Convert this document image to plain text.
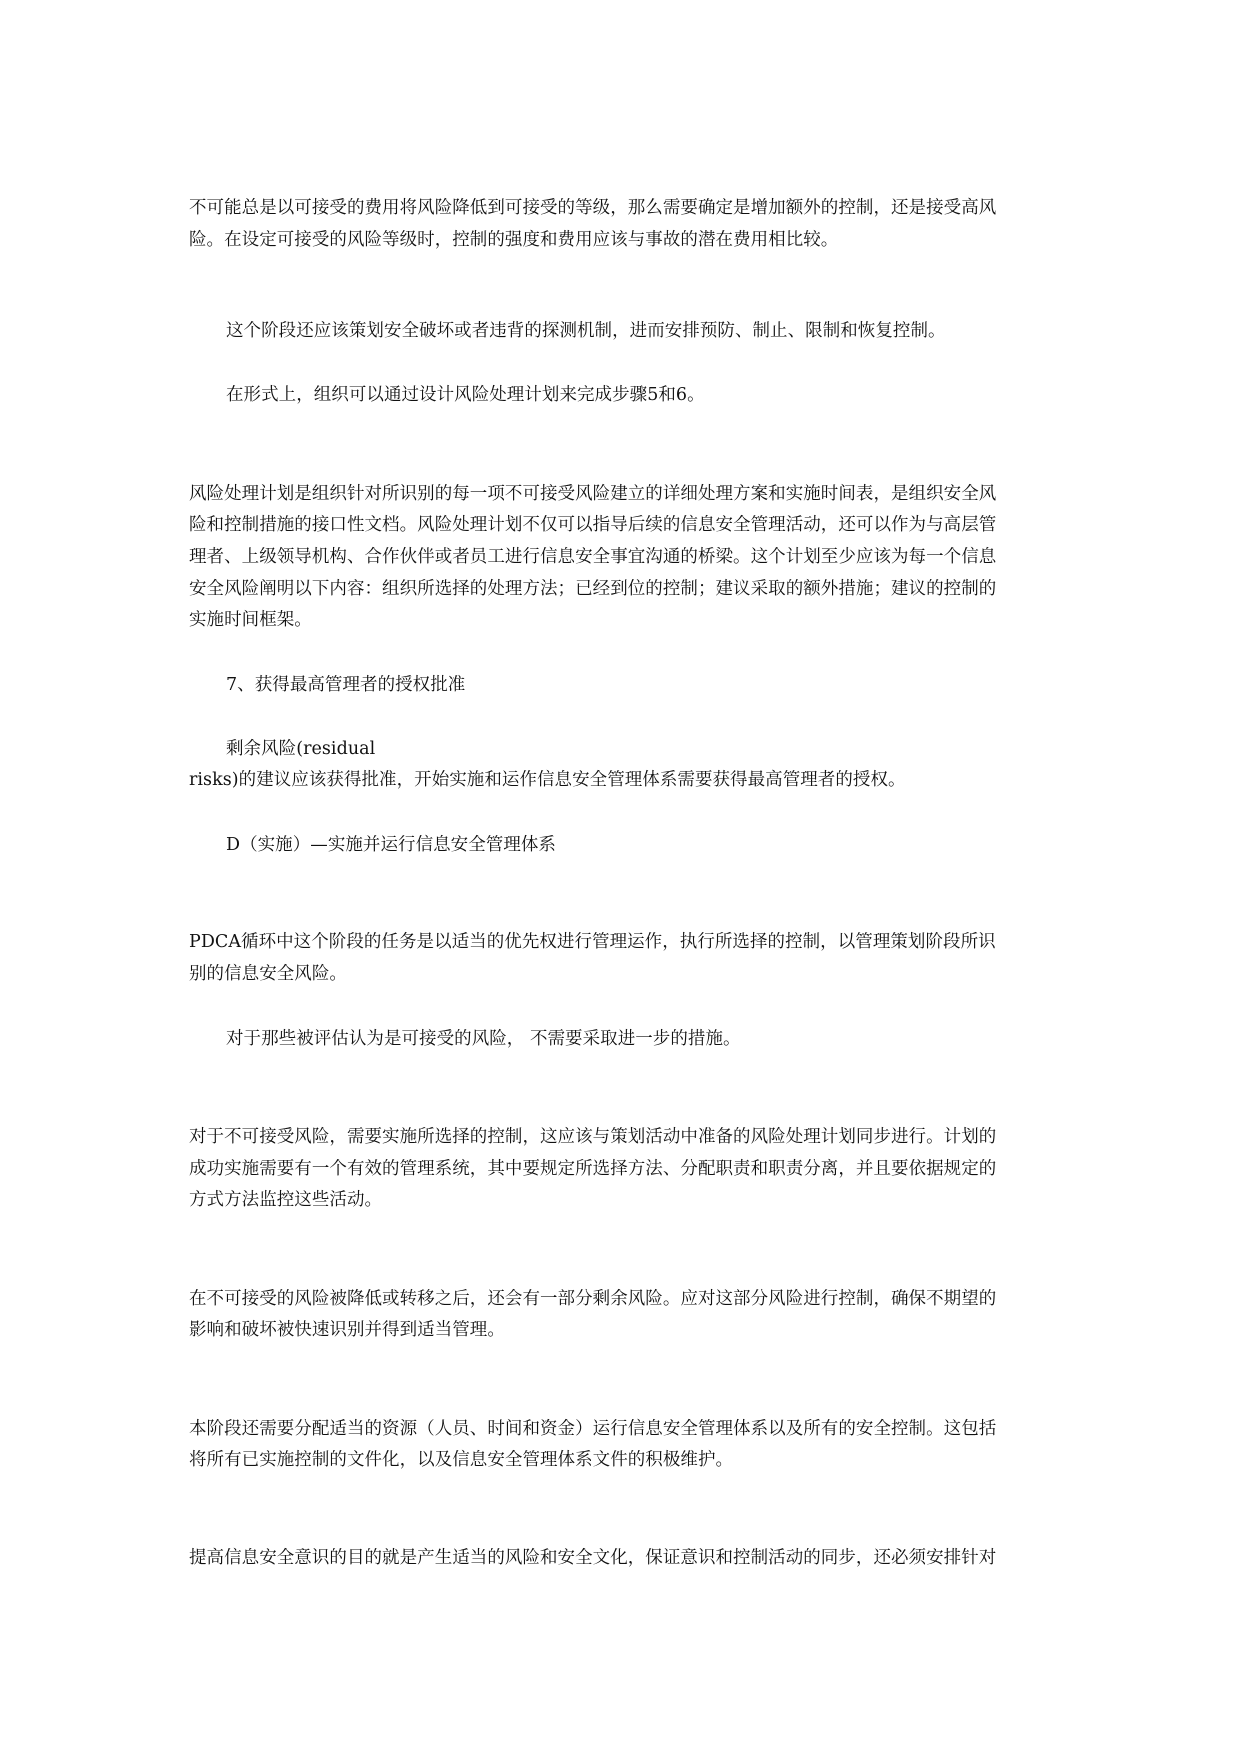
不可能总是以可接受的费用将风险降低到可接受的等级，那么需要确定是增加额外的控制，还是接受高风
险。在设定可接受的风险等级时，控制的强度和费用应该与事故的潜在费用相比较。
这个阶段还应该策划安全破坏或者违背的探测机制，进而安排预防、制止、限制和恢复控制。
在形式上，组织可以通过设计风险处理计划来完成步骤5和6。
风险处理计划是组织针对所识别的每一项不可接受风险建立的详细处理方案和实施时间表，是组织安全风
险和控制措施的接口性文档。风险处理计划不仅可以指导后续的信息安全管理活动，还可以作为与高层管
理者、上级领导机构、合作伙伴或者员工进行信息安全事宜沟通的桥梁。这个计划至少应该为每一个信息
安全风险阐明以下内容：组织所选择的处理方法；已经到位的控制；建议采取的额外措施；建议的控制的
实施时间框架。
7、获得最高管理者的授权批准
剩余风险(residual
risks)的建议应该获得批准，开始实施和运作信息安全管理体系需要获得最高管理者的授权。
D（实施）—实施并运行信息安全管理体系
PDCA循环中这个阶段的任务是以适当的优先权进行管理运作，执行所选择的控制，以管理策划阶段所识
别的信息安全风险。
对于那些被评估认为是可接受的风险， 不需要采取进一步的措施。
对于不可接受风险，需要实施所选择的控制，这应该与策划活动中准备的风险处理计划同步进行。计划的
成功实施需要有一个有效的管理系统，其中要规定所选择方法、分配职责和职责分离，并且要依据规定的
方式方法监控这些活动。
在不可接受的风险被降低或转移之后，还会有一部分剩余风险。应对这部分风险进行控制，确保不期望的
影响和破坏被快速识别并得到适当管理。
本阶段还需要分配适当的资源（人员、时间和资金）运行信息安全管理体系以及所有的安全控制。这包括
将所有已实施控制的文件化，以及信息安全管理体系文件的积极维护。
提高信息安全意识的目的就是产生适当的风险和安全文化，保证意识和控制活动的同步，还必须安排针对
